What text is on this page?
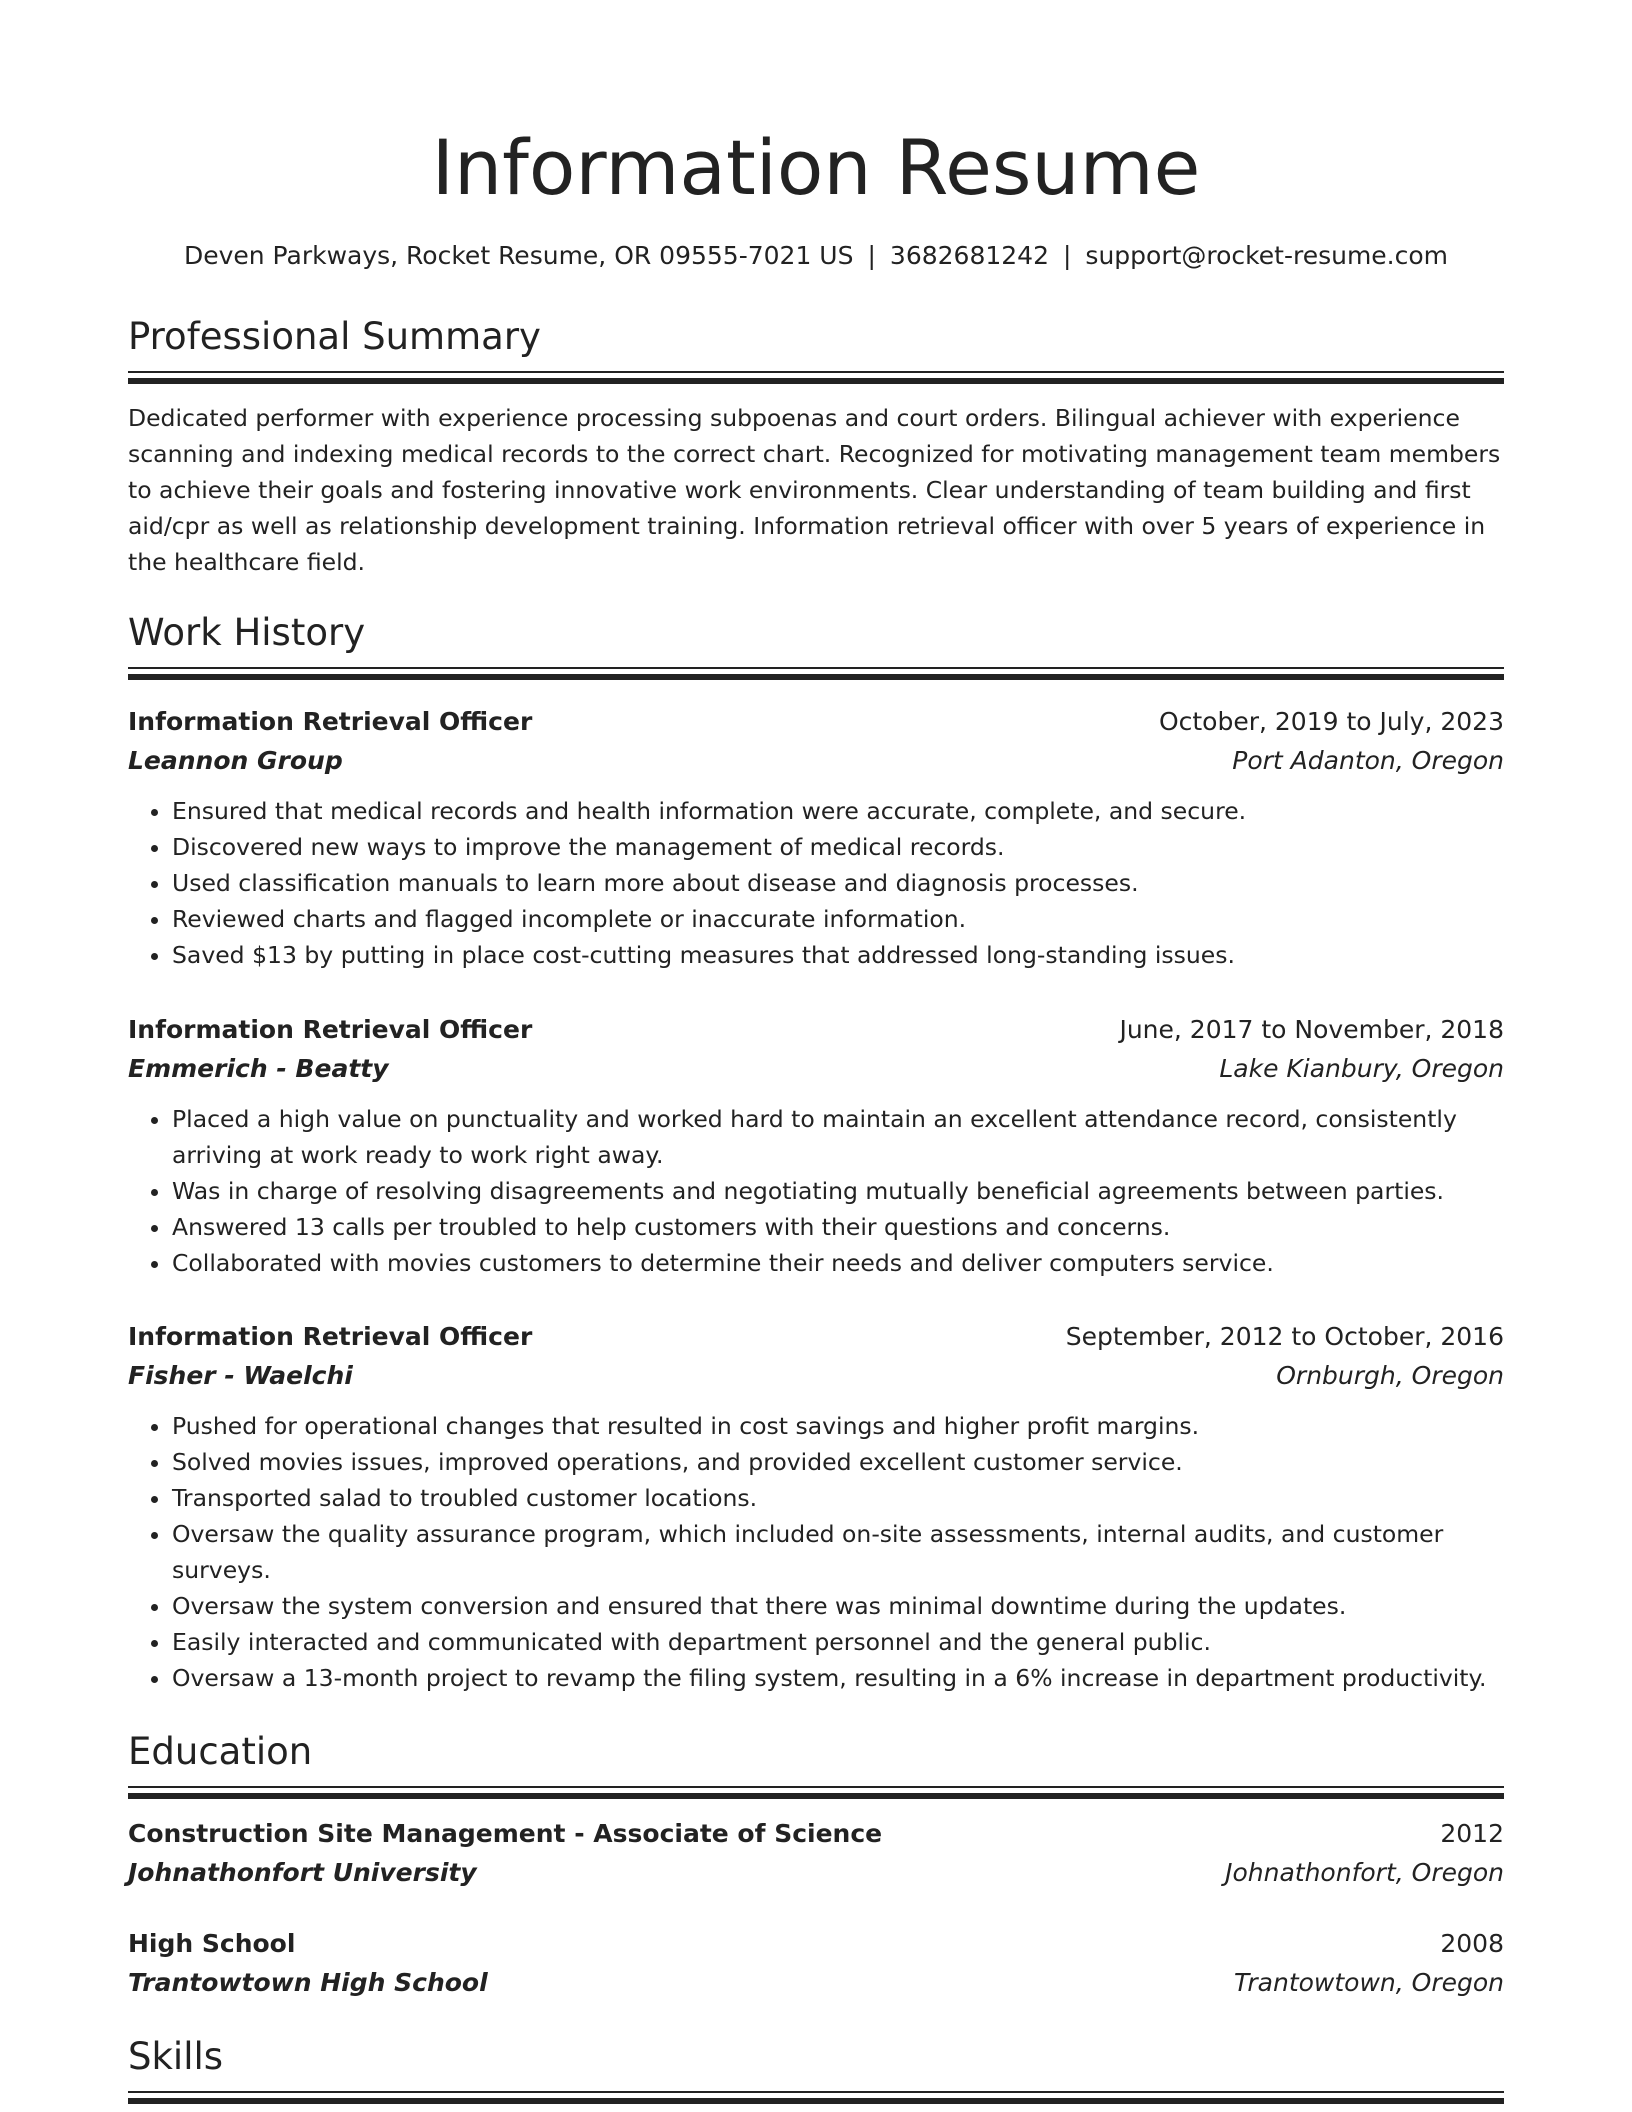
Information Resume
Deven Parkways, Rocket Resume, OR 09555-7021 US | 3682681242 | support@rocket-resume.com
Professional Summary
Dedicated performer with experience processing subpoenas and court orders. Bilingual achiever with experience scanning and indexing medical records to the correct chart. Recognized for motivating management team members to achieve their goals and fostering innovative work environments. Clear understanding of team building and first aid/cpr as well as relationship development training. Information retrieval officer with over 5 years of experience in the healthcare field.
Work History
Information Retrieval Officer	October, 2019 to July, 2023
Leannon Group	Port Adanton, Oregon
• Ensured that medical records and health information were accurate, complete, and secure.
• Discovered new ways to improve the management of medical records.
• Used classification manuals to learn more about disease and diagnosis processes.
• Reviewed charts and flagged incomplete or inaccurate information.
• Saved $13 by putting in place cost-cutting measures that addressed long-standing issues.
Information Retrieval Officer	June, 2017 to November, 2018
Emmerich - Beatty	Lake Kianbury, Oregon
• Placed a high value on punctuality and worked hard to maintain an excellent attendance record, consistently arriving at work ready to work right away.
• Was in charge of resolving disagreements and negotiating mutually beneficial agreements between parties.
• Answered 13 calls per troubled to help customers with their questions and concerns.
• Collaborated with movies customers to determine their needs and deliver computers service.
Information Retrieval Officer	September, 2012 to October, 2016
Fisher - Waelchi	Ornburgh, Oregon
• Pushed for operational changes that resulted in cost savings and higher profit margins.
• Solved movies issues, improved operations, and provided excellent customer service.
• Transported salad to troubled customer locations.
• Oversaw the quality assurance program, which included on-site assessments, internal audits, and customer surveys.
• Oversaw the system conversion and ensured that there was minimal downtime during the updates.
• Easily interacted and communicated with department personnel and the general public.
• Oversaw a 13-month project to revamp the filing system, resulting in a 6% increase in department productivity.
Education
Construction Site Management - Associate of Science	2012
Johnathonfort University	Johnathonfort, Oregon
High School	2008
Trantowtown High School	Trantowtown, Oregon
Skills
